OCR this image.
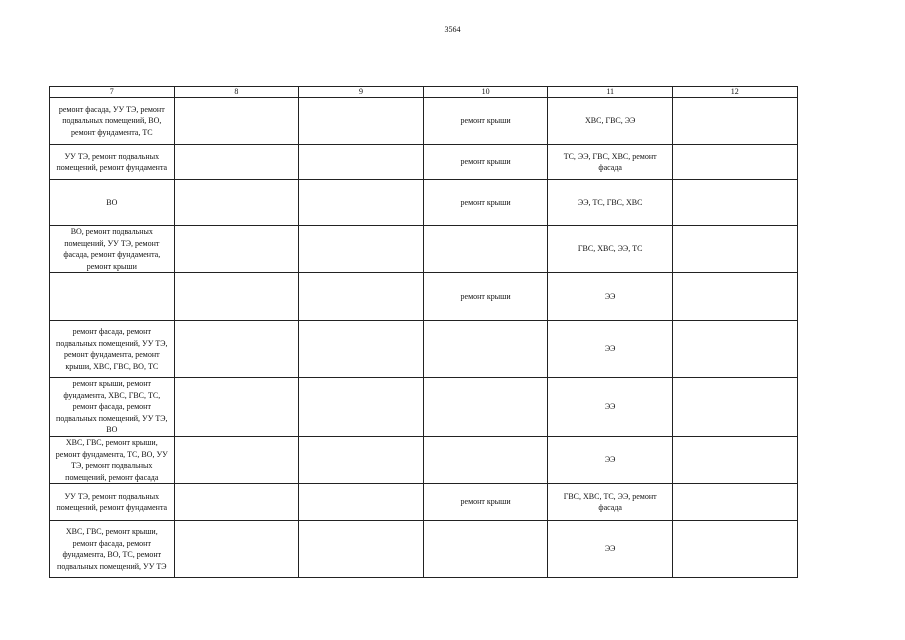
3564
7	8	9	10	11	12
ремонт фасада, УУ ТЭ, ремонт подвальных помещений, ВО, ремонт фундамента, ТС			ремонт крыши	ХВС, ГВС, ЭЭ	
УУ ТЭ, ремонт подвальных помещений, ремонт фундамента			ремонт крыши	ТС, ЭЭ, ГВС, ХВС, ремонт фасада	
ВО			ремонт крыши	ЭЭ, ТС, ГВС, ХВС	
ВО, ремонт подвальных помещений, УУ ТЭ, ремонт фасада, ремонт фундамента, ремонт крыши				ГВС, ХВС, ЭЭ, ТС	
			ремонт крыши	ЭЭ	
ремонт фасада, ремонт подвальных помещений, УУ ТЭ, ремонт фундамента, ремонт крыши, ХВС, ГВС, ВО, ТС				ЭЭ	
ремонт крыши, ремонт фундамента, ХВС, ГВС, ТС, ремонт фасада, ремонт подвальных помещений, УУ ТЭ, ВО				ЭЭ	
ХВС, ГВС, ремонт крыши, ремонт фундамента, ТС, ВО, УУ ТЭ, ремонт подвальных помещений, ремонт фасада				ЭЭ	
УУ ТЭ, ремонт подвальных помещений, ремонт фундамента			ремонт крыши	ГВС, ХВС, ТС, ЭЭ, ремонт фасада	
ХВС, ГВС, ремонт крыши, ремонт фасада, ремонт фундамента, ВО, ТС, ремонт подвальных помещений, УУ ТЭ				ЭЭ	
